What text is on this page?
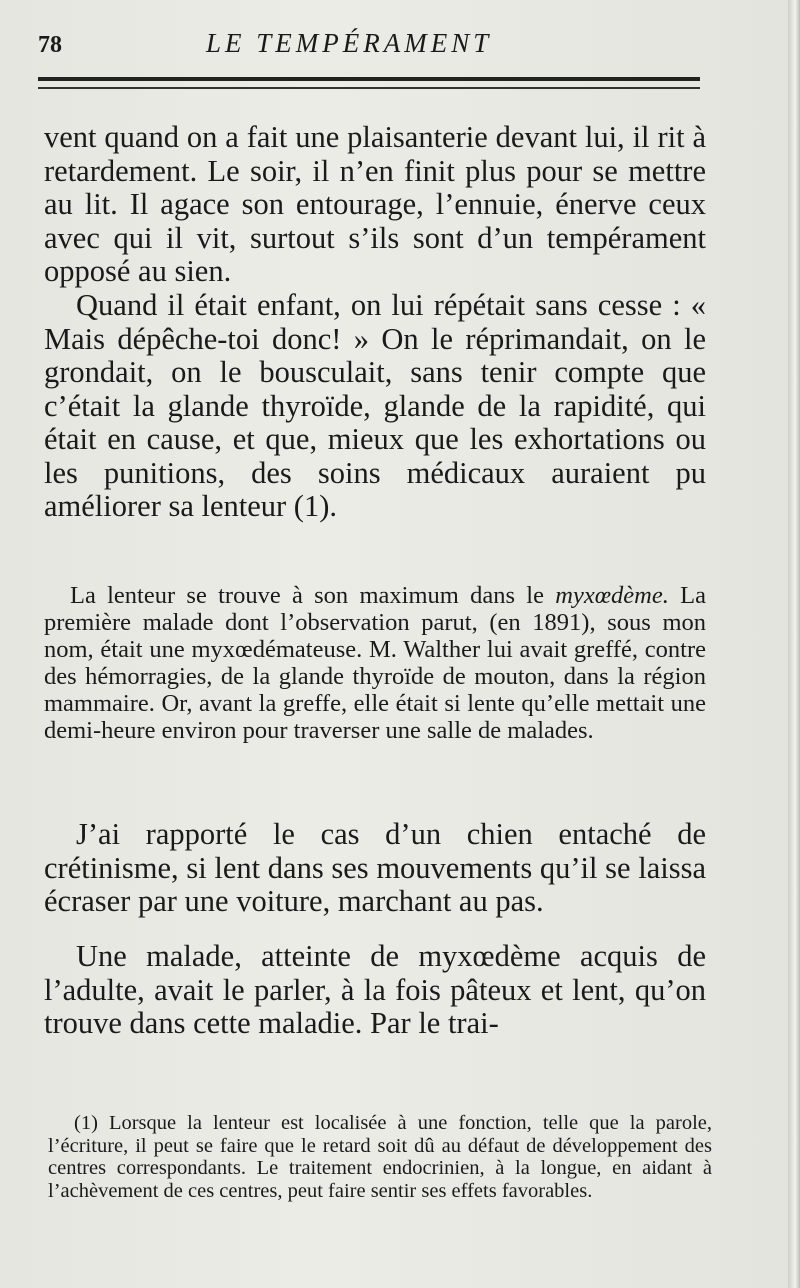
78	LE TEMPÉRAMENT

vent quand on a fait une plaisanterie devant lui, il rit à retardement. Le soir, il n’en finit plus pour se mettre au lit. Il agace son entourage, l’ennuie, énerve ceux avec qui il vit, surtout s’ils sont d’un tempérament opposé au sien.

Quand il était enfant, on lui répétait sans cesse : « Mais dépêche-toi donc! » On le réprimandait, on le grondait, on le bousculait, sans tenir compte que c’était la glande thyroïde, glande de la rapidité, qui était en cause, et que, mieux que les exhortations ou les punitions, des soins médicaux auraient pu améliorer sa lenteur (1).

La lenteur se trouve à son maximum dans le myxœdème. La première malade dont l’observation parut, (en 1891), sous mon nom, était une myxœdémateuse. M. Walther lui avait greffé, contre des hémorragies, de la glande thyroïde de mouton, dans la région mammaire. Or, avant la greffe, elle était si lente qu’elle mettait une demi-heure environ pour traverser une salle de malades.

J’ai rapporté le cas d’un chien entaché de crétinisme, si lent dans ses mouvements qu’il se laissa écraser par une voiture, marchant au pas.

Une malade, atteinte de myxœdème acquis de l’adulte, avait le parler, à la fois pâteux et lent, qu’on trouve dans cette maladie. Par le trai-

(1) Lorsque la lenteur est localisée à une fonction, telle que la parole, l’écriture, il peut se faire que le retard soit dû au défaut de développement des centres correspondants. Le traitement endocrinien, à la longue, en aidant à l’achèvement de ces centres, peut faire sentir ses effets favorables.
